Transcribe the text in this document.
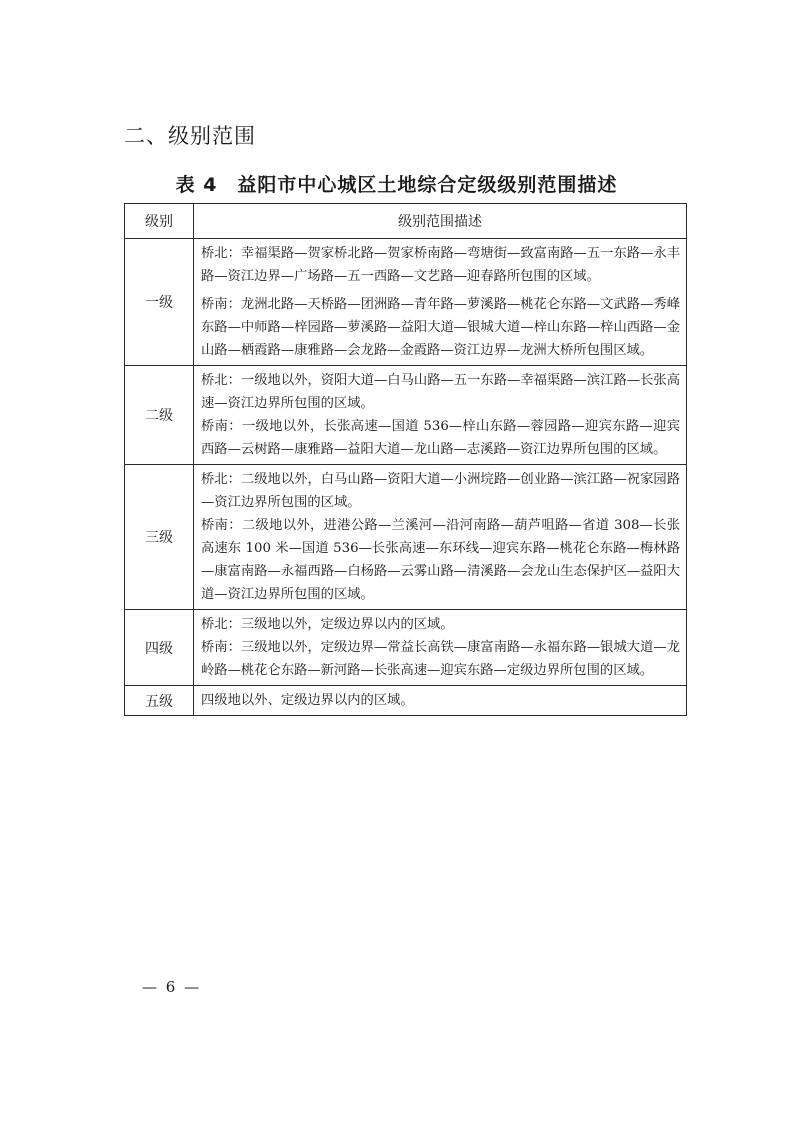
二、级别范围
表 4　益阳市中心城区土地综合定级级别范围描述
级别	级别范围描述
一级	桥北：幸福渠路—贺家桥北路—贺家桥南路—弯塘街—致富南路—五一东路—永丰路—资江边界—广场路—五一西路—文艺路—迎春路所包围的区域。

桥南：龙洲北路—天桥路—团洲路—青年路—萝溪路—桃花仑东路—文武路—秀峰东路—中师路—梓园路—萝溪路—益阳大道—银城大道—梓山东路—梓山西路—金山路—栖霞路—康雅路—会龙路—金霞路—资江边界—龙洲大桥所包围区域。

二级	桥北：一级地以外，资阳大道—白马山路—五一东路—幸福渠路—滨江路—长张高速—资江边界所包围的区域。

桥南：一级地以外，长张高速—国道 536—梓山东路—蓉园路—迎宾东路—迎宾西路—云树路—康雅路—益阳大道—龙山路—志溪路—资江边界所包围的区域。

三级	桥北：二级地以外，白马山路—资阳大道—小洲垸路—创业路—滨江路—祝家园路—资江边界所包围的区域。

桥南：二级地以外，进港公路—兰溪河—沿河南路—葫芦咀路—省道 308—长张高速东 100 米—国道 536—长张高速—东环线—迎宾东路—桃花仑东路—梅林路—康富南路—永福西路—白杨路—云雾山路—清溪路—会龙山生态保护区—益阳大道—资江边界所包围的区域。

四级	桥北：三级地以外，定级边界以内的区域。

桥南：三级地以外，定级边界—常益长高铁—康富南路—永福东路—银城大道—龙岭路—桃花仑东路—新河路—长张高速—迎宾东路—定级边界所包围的区域。

五级	四级地以外、定级边界以内的区域。

— 6 —
